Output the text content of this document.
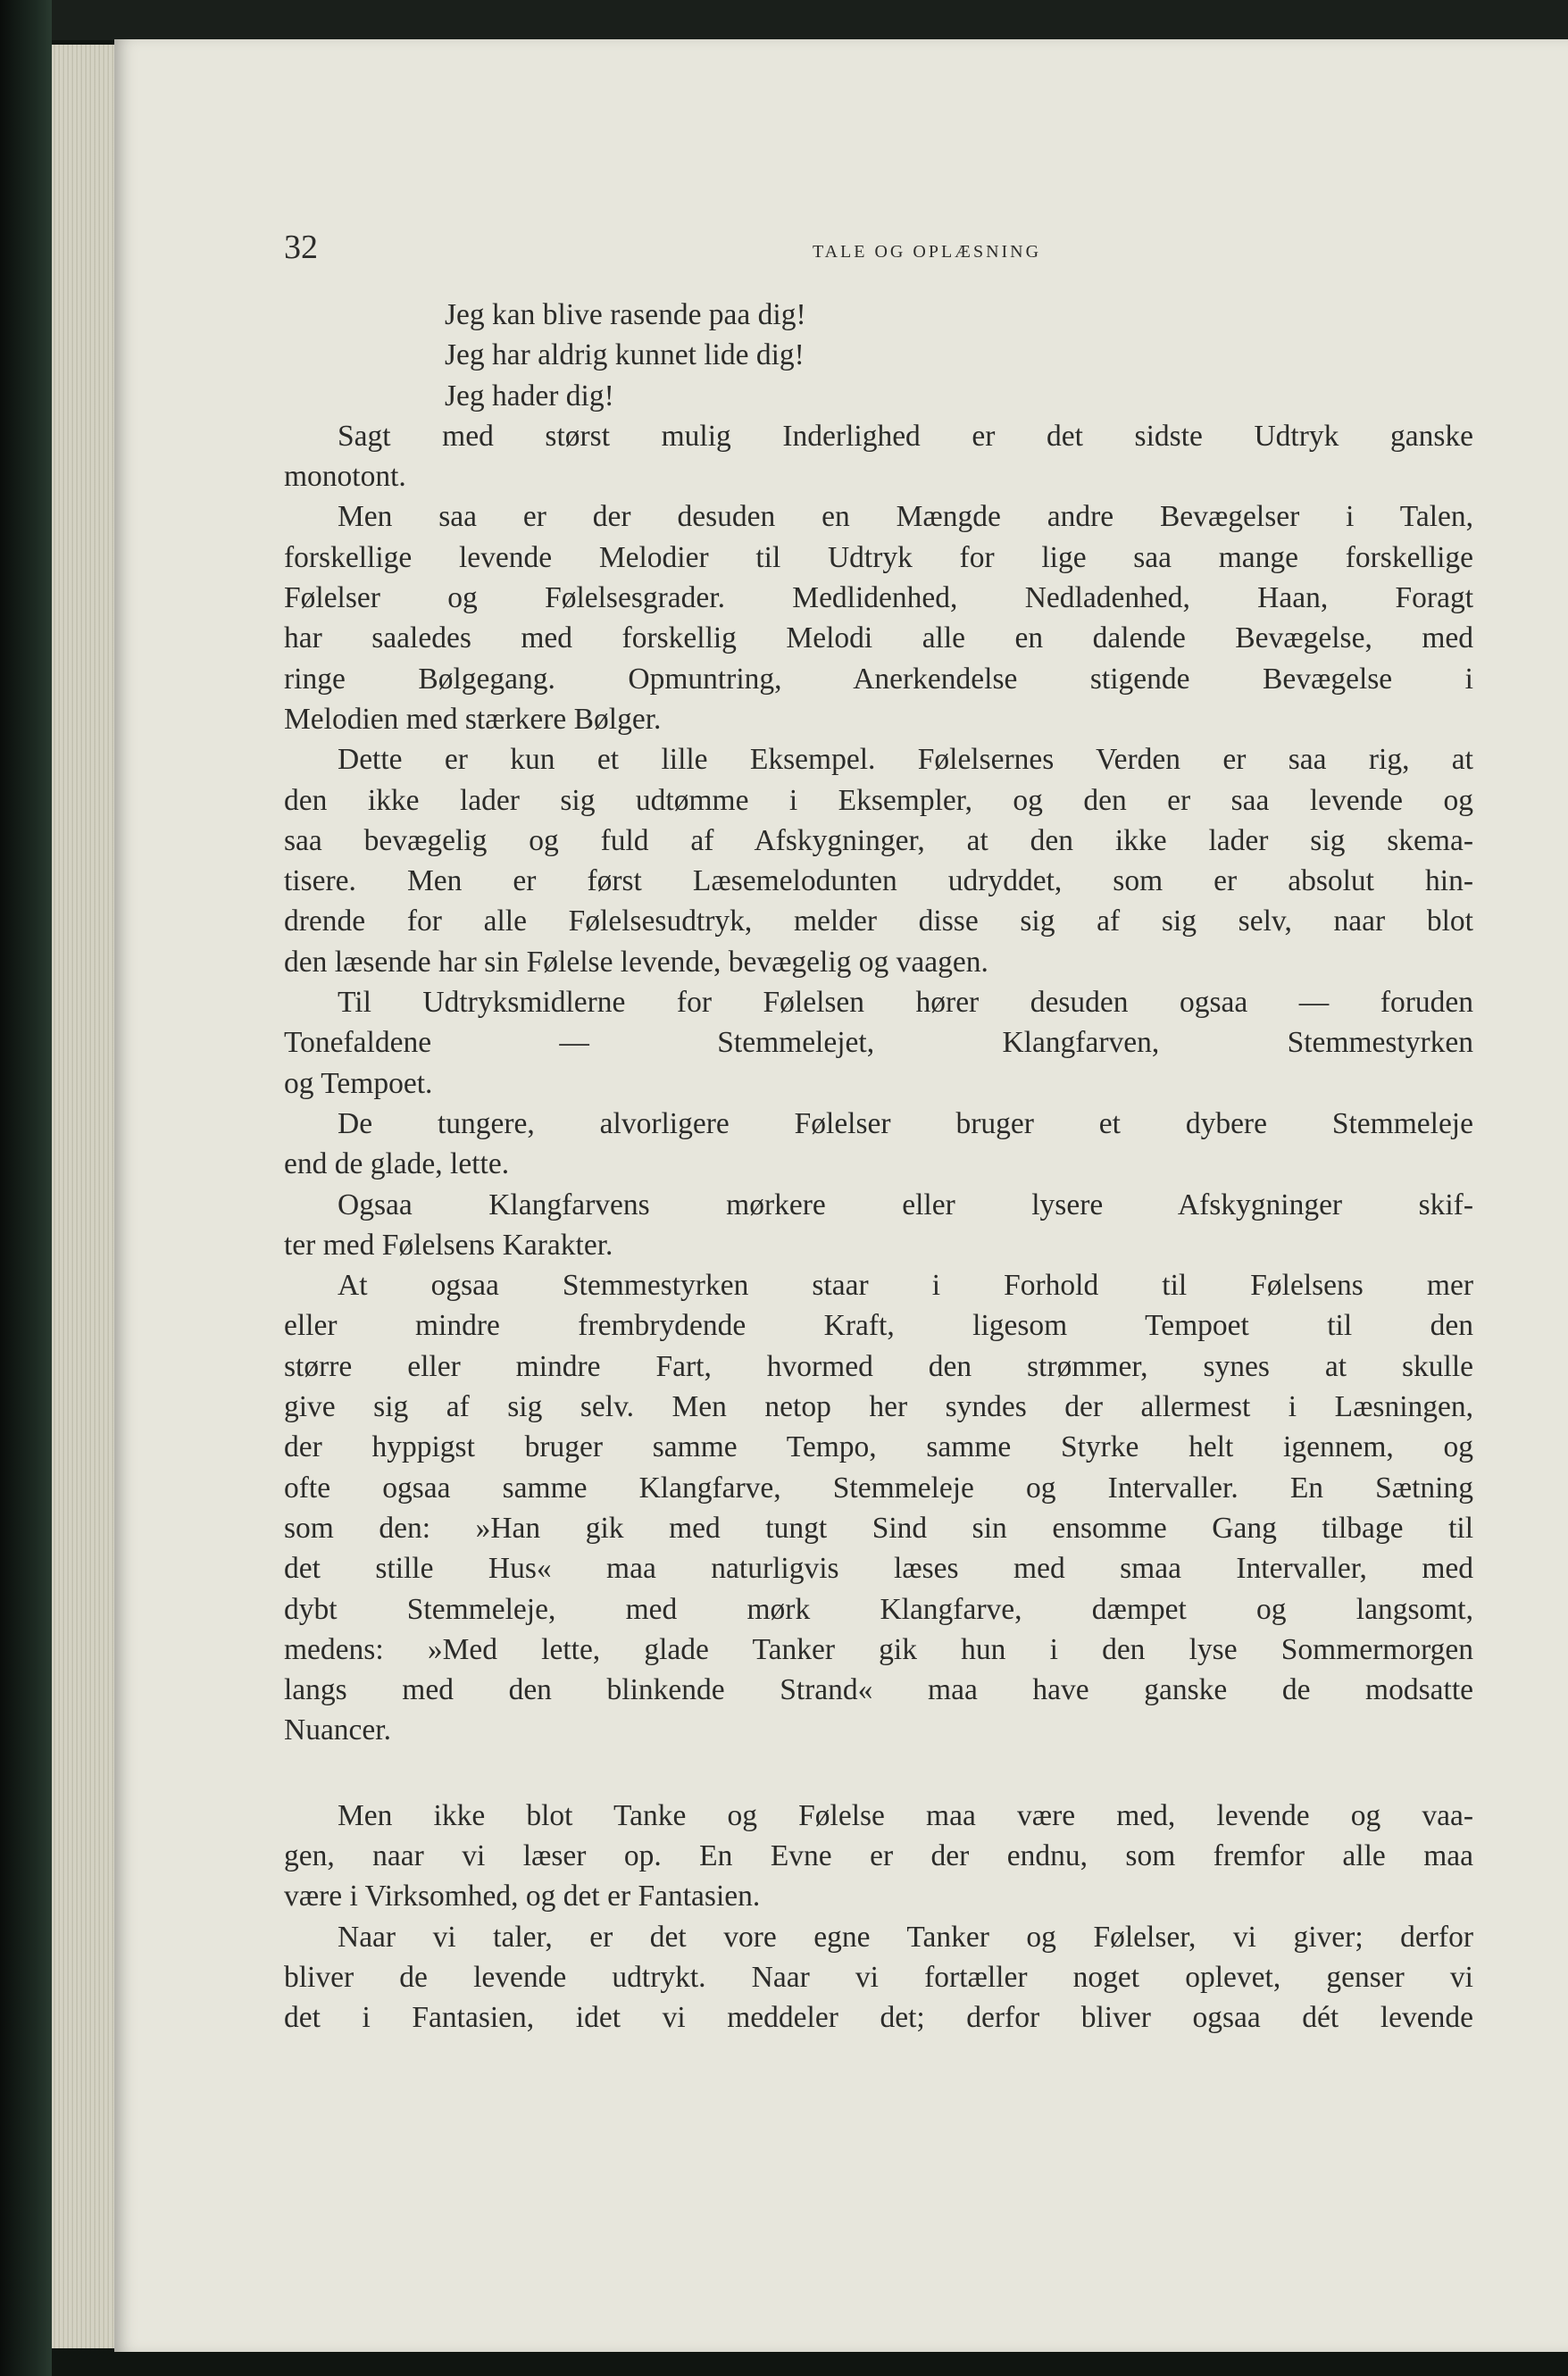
32	TALE OG OPLÆSNING
Jeg kan blive rasende paa dig!
Jeg har aldrig kunnet lide dig!
Jeg hader dig!
Sagt med størst mulig Inderlighed er det sidste Udtryk ganske
monotont.
Men saa er der desuden en Mængde andre Bevægelser i Talen,
forskellige levende Melodier til Udtryk for lige saa mange forskellige
Følelser og Følelsesgrader. Medlidenhed, Nedladenhed, Haan, Foragt
har saaledes med forskellig Melodi alle en dalende Bevægelse, med
ringe Bølgegang. Opmuntring, Anerkendelse stigende Bevægelse i
Melodien med stærkere Bølger.
Dette er kun et lille Eksempel. Følelsernes Verden er saa rig, at
den ikke lader sig udtømme i Eksempler, og den er saa levende og
saa bevægelig og fuld af Afskygninger, at den ikke lader sig skema-
tisere. Men er først Læsemelodunten udryddet, som er absolut hin-
drende for alle Følelsesudtryk, melder disse sig af sig selv, naar blot
den læsende har sin Følelse levende, bevægelig og vaagen.
Til Udtryksmidlerne for Følelsen hører desuden ogsaa — foruden
Tonefaldene — Stemmelejet, Klangfarven, Stemmestyrken
og Tempoet.
De tungere, alvorligere Følelser bruger et dybere Stemmeleje
end de glade, lette.
Ogsaa Klangfarvens mørkere eller lysere Afskygninger skif-
ter med Følelsens Karakter.
At ogsaa Stemmestyrken staar i Forhold til Følelsens mer
eller mindre frembrydende Kraft, ligesom Tempoet til den
større eller mindre Fart, hvormed den strømmer, synes at skulle
give sig af sig selv. Men netop her syndes der allermest i Læsningen,
der hyppigst bruger samme Tempo, samme Styrke helt igennem, og
ofte ogsaa samme Klangfarve, Stemmeleje og Intervaller. En Sætning
som den: »Han gik med tungt Sind sin ensomme Gang tilbage til
det stille Hus« maa naturligvis læses med smaa Intervaller, med
dybt Stemmeleje, med mørk Klangfarve, dæmpet og langsomt,
medens: »Med lette, glade Tanker gik hun i den lyse Sommermorgen
langs med den blinkende Strand« maa have ganske de modsatte
Nuancer.
Men ikke blot Tanke og Følelse maa være med, levende og vaa-
gen, naar vi læser op. En Evne er der endnu, som fremfor alle maa
være i Virksomhed, og det er Fantasien.
Naar vi taler, er det vore egne Tanker og Følelser, vi giver; derfor
bliver de levende udtrykt. Naar vi fortæller noget oplevet, genser vi
det i Fantasien, idet vi meddeler det; derfor bliver ogsaa dét levende
